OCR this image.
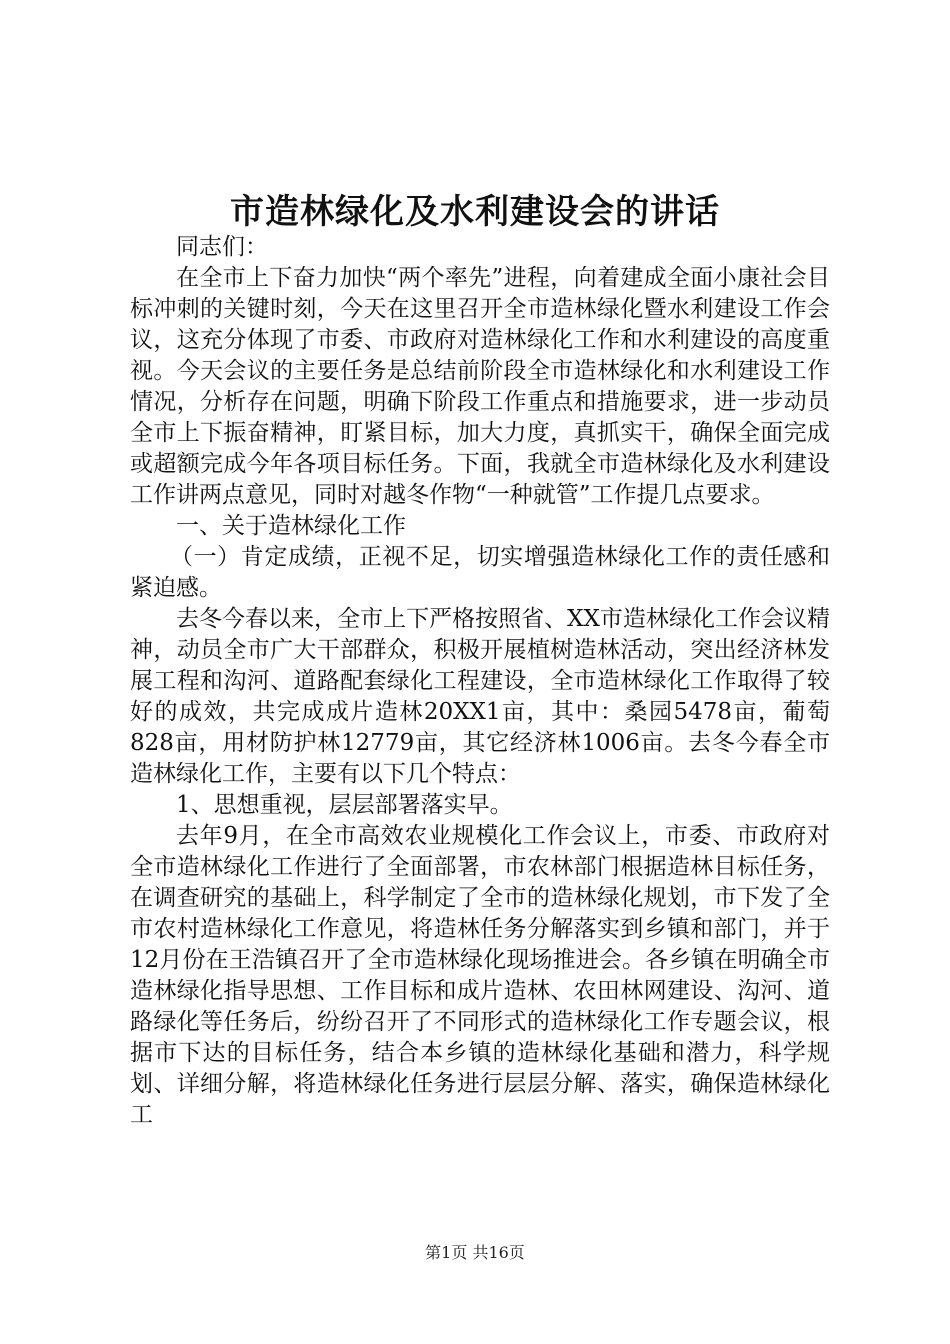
市造林绿化及水利建设会的讲话

同志们：

在全市上下奋力加快“两个率先”进程，向着建成全面小康社会目标冲刺的关键时刻，今天在这里召开全市造林绿化暨水利建设工作会议，这充分体现了市委、市政府对造林绿化工作和水利建设的高度重视。今天会议的主要任务是总结前阶段全市造林绿化和水利建设工作情况，分析存在问题，明确下阶段工作重点和措施要求，进一步动员全市上下振奋精神，盯紧目标，加大力度，真抓实干，确保全面完成或超额完成今年各项目标任务。下面，我就全市造林绿化及水利建设工作讲两点意见，同时对越冬作物“一种就管”工作提几点要求。

一、关于造林绿化工作

（一）肯定成绩，正视不足，切实增强造林绿化工作的责任感和紧迫感。

去冬今春以来，全市上下严格按照省、XX市造林绿化工作会议精神，动员全市广大干部群众，积极开展植树造林活动，突出经济林发展工程和沟河、道路配套绿化工程建设，全市造林绿化工作取得了较好的成效，共完成成片造林20XX1亩，其中：桑园5478亩，葡萄828亩，用材防护林12779亩，其它经济林1006亩。去冬今春全市造林绿化工作，主要有以下几个特点：

1、思想重视，层层部署落实早。

去年9月，在全市高效农业规模化工作会议上，市委、市政府对全市造林绿化工作进行了全面部署，市农林部门根据造林目标任务，在调查研究的基础上，科学制定了全市的造林绿化规划，市下发了全市农村造林绿化工作意见，将造林任务分解落实到乡镇和部门，并于12月份在王浩镇召开了全市造林绿化现场推进会。各乡镇在明确全市造林绿化指导思想、工作目标和成片造林、农田林网建设、沟河、道路绿化等任务后，纷纷召开了不同形式的造林绿化工作专题会议，根据市下达的目标任务，结合本乡镇的造林绿化基础和潜力，科学规划、详细分解，将造林绿化任务进行层层分解、落实，确保造林绿化工

第1页 共16页
